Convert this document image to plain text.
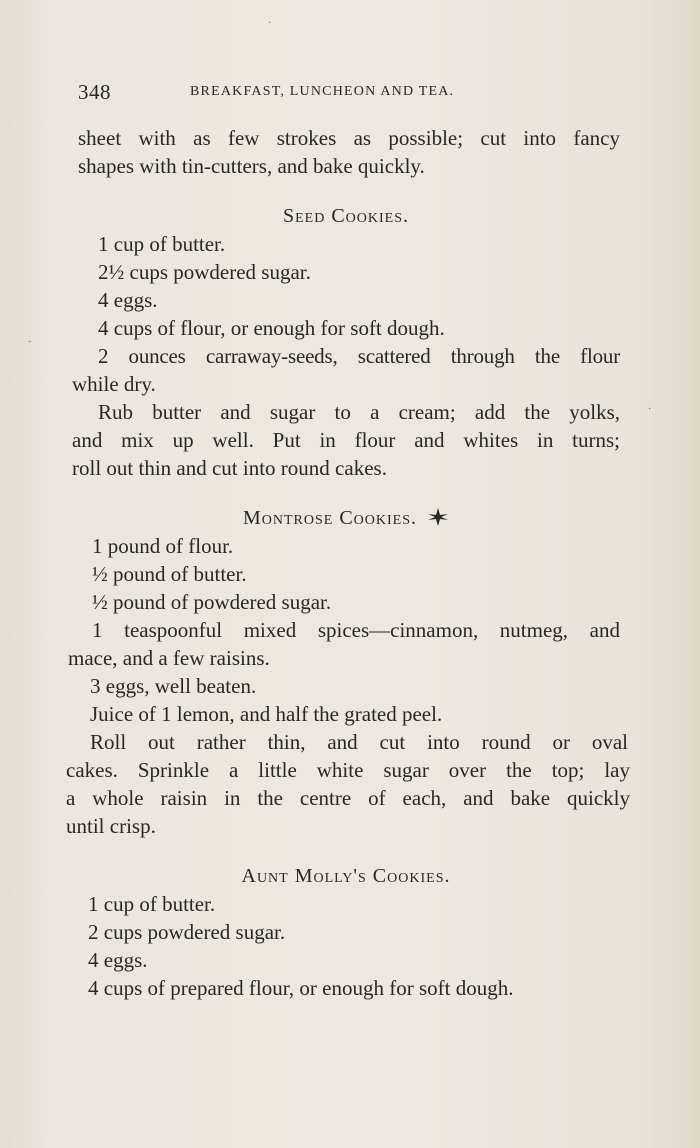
348	BREAKFAST, LUNCHEON AND TEA.
sheet with as few strokes as possible; cut into fancy
shapes with tin-cutters, and bake quickly.
Seed Cookies.
1 cup of butter.
2½ cups powdered sugar.
4 eggs.
4 cups of flour, or enough for soft dough.
2 ounces carraway-seeds, scattered through the flour
while dry.
Rub butter and sugar to a cream; add the yolks,
and mix up well. Put in flour and whites in turns;
roll out thin and cut into round cakes.
Montrose Cookies.
1 pound of flour.
½ pound of butter.
½ pound of powdered sugar.
1 teaspoonful mixed spices—cinnamon, nutmeg, and
mace, and a few raisins.
3 eggs, well beaten.
Juice of 1 lemon, and half the grated peel.
Roll out rather thin, and cut into round or oval
cakes. Sprinkle a little white sugar over the top; lay
a whole raisin in the centre of each, and bake quickly
until crisp.
Aunt Molly's Cookies.
1 cup of butter.
2 cups powdered sugar.
4 eggs.
4 cups of prepared flour, or enough for soft dough.
·
˜
·
